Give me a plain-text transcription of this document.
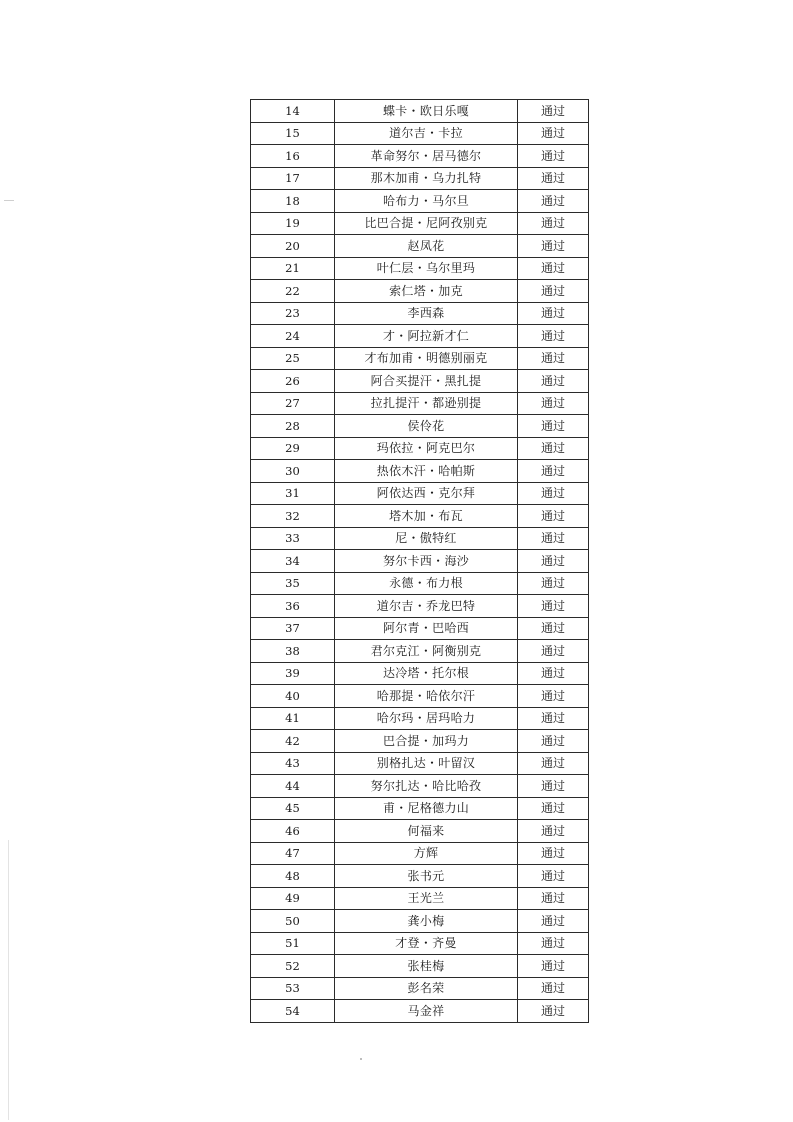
14	蝶卡・欧日乐嘎	通过
15	道尔吉・卡拉	通过
16	革命努尔・居马德尔	通过
17	那木加甫・乌力扎特	通过
18	哈布力・马尔旦	通过
19	比巴合提・尼阿孜别克	通过
20	赵凤花	通过
21	叶仁层・乌尔里玛	通过
22	索仁塔・加克	通过
23	李西森	通过
24	才・阿拉新才仁	通过
25	才布加甫・明德别丽克	通过
26	阿合买提汗・黑扎提	通过
27	拉扎提汗・都逊别提	通过
28	侯伶花	通过
29	玛依拉・阿克巴尔	通过
30	热依木汗・哈帕斯	通过
31	阿依达西・克尔拜	通过
32	塔木加・布瓦	通过
33	尼・傲特红	通过
34	努尔卡西・海沙	通过
35	永德・布力根	通过
36	道尔吉・乔龙巴特	通过
37	阿尔青・巴哈西	通过
38	君尔克江・阿衡别克	通过
39	达冷塔・托尔根	通过
40	哈那提・哈依尔汗	通过
41	哈尔玛・居玛哈力	通过
42	巴合提・加玛力	通过
43	别格扎达・叶留汉	通过
44	努尔扎达・哈比哈孜	通过
45	甫・尼格德力山	通过
46	何福来	通过
47	方辉	通过
48	张书元	通过
49	王光兰	通过
50	龚小梅	通过
51	才登・齐曼	通过
52	张桂梅	通过
53	彭名荣	通过
54	马金祥	通过
